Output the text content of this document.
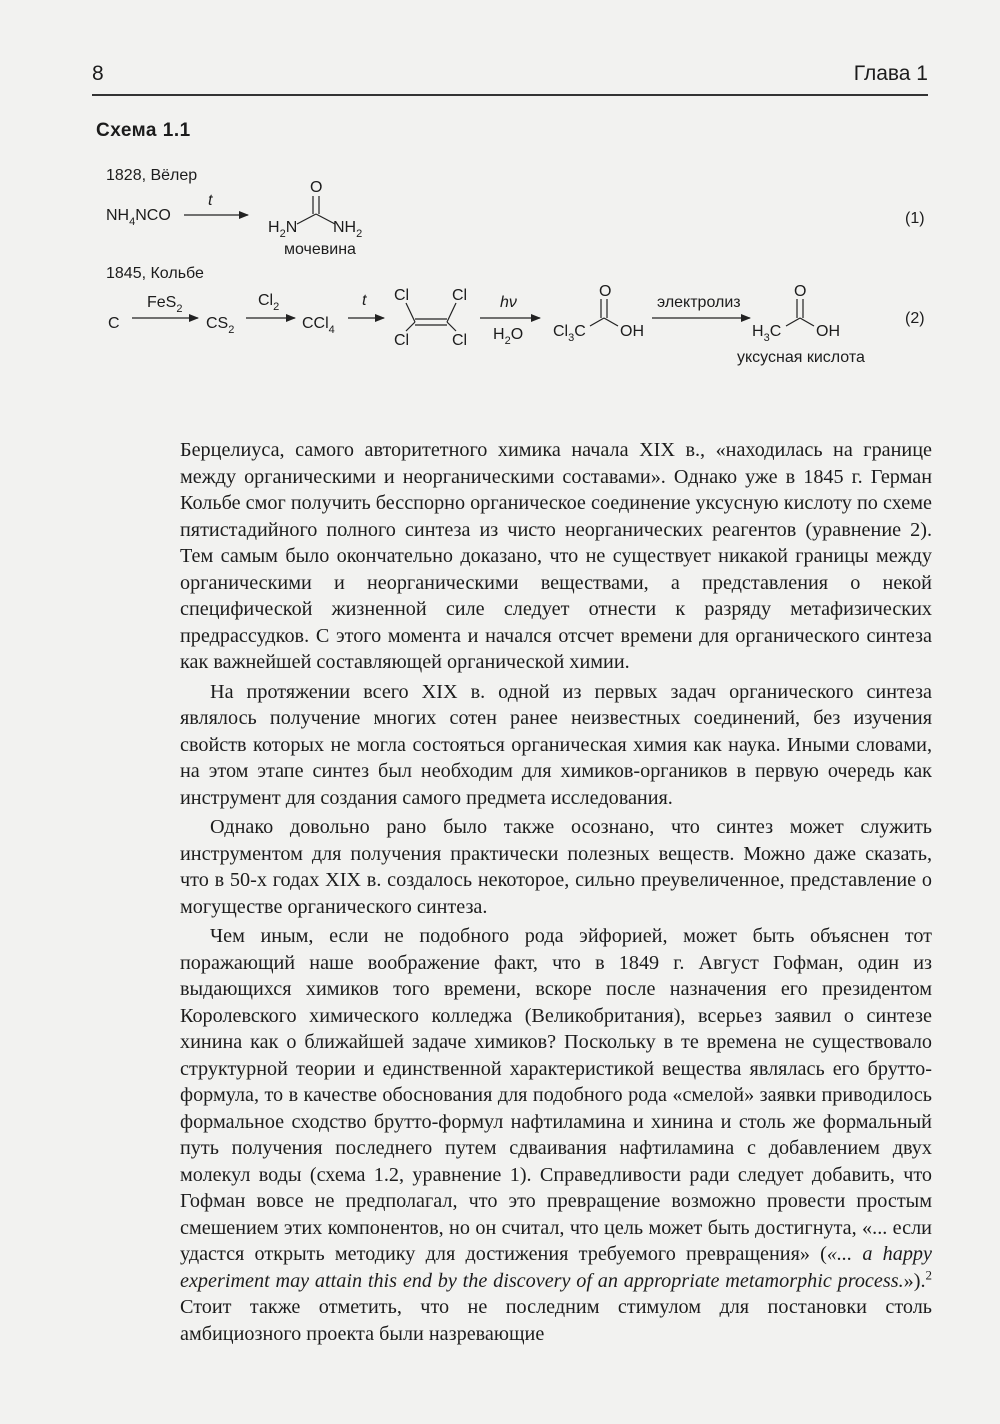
8	Глава 1
Схема 1.1
1828, Вёлер
$NH_4NCO$
t
O
$H_2N$ $NH_2$
мочевина
(1)
1845, Кольбе
C
FeS$_2$
$CS_2$
$Cl_2$
CCl$_4$
t Cl	Cl
Cl	Cl
hν
$H_2O$
O
$Cl_3C$ OH
электролиз
O
$H_3C$ OH
уксусная кислота
(2)

Берцелиуса, самого авторитетного химика начала XIX в., «находилась на границе между органическими и неорганическими составами». Однако уже в 1845 г. Герман Кольбе смог получить бесспорно органическое соединение уксусную кислоту по схеме пятистадийного полного синтеза из чисто неорганических реагентов (уравнение 2). Тем самым было окончательно доказано, что не существует никакой границы между органическими и неорганическими веществами, а представления о некой специфической жизненной силе следует отнести к разряду метафизических предрассудков. С этого момента и начался отсчет времени для органического синтеза как важнейшей составляющей органической химии.

На протяжении всего XIX в. одной из первых задач органического синтеза являлось получение многих сотен ранее неизвестных соединений, без изучения свойств которых не могла состояться органическая химия как наука. Иными словами, на этом этапе синтез был необходим для химиков-органиков в первую очередь как инструмент для создания самого предмета исследования.

Однако довольно рано было также осознано, что синтез может служить инструментом для получения практически полезных веществ. Можно даже сказать, что в 50-х годах XIX в. создалось некоторое, сильно преувеличенное, представление о могуществе органического синтеза.

Чем иным, если не подобного рода эйфорией, может быть объяснен тот поражающий наше воображение факт, что в 1849 г. Август Гофман, один из выдающихся химиков того времени, вскоре после назначения его президентом Королевского химического колледжа (Великобритания), всерьез заявил о синтезе хинина как о ближайшей задаче химиков? Поскольку в те времена не существовало структурной теории и единственной характеристикой вещества являлась его брутто-формула, то в качестве обоснования для подобного рода «смелой» заявки приводилось формальное сходство брутто-формул нафтиламина и хинина и столь же формальный путь получения последнего путем сдваивания нафтиламина с добавлением двух молекул воды (схема 1.2, уравнение 1). Справедливости ради следует добавить, что Гофман вовсе не предполагал, что это превращение возможно провести простым смешением этих компонентов, но он считал, что цель может быть достигнута, «... если удастся открыть методику для достижения требуемого превращения» («... a happy experiment may attain this end by the discovery of an appropriate metamorphic process.»).$^2$ Стоит также отметить, что не последним стимулом для постановки столь амбициозного проекта были назревающие
